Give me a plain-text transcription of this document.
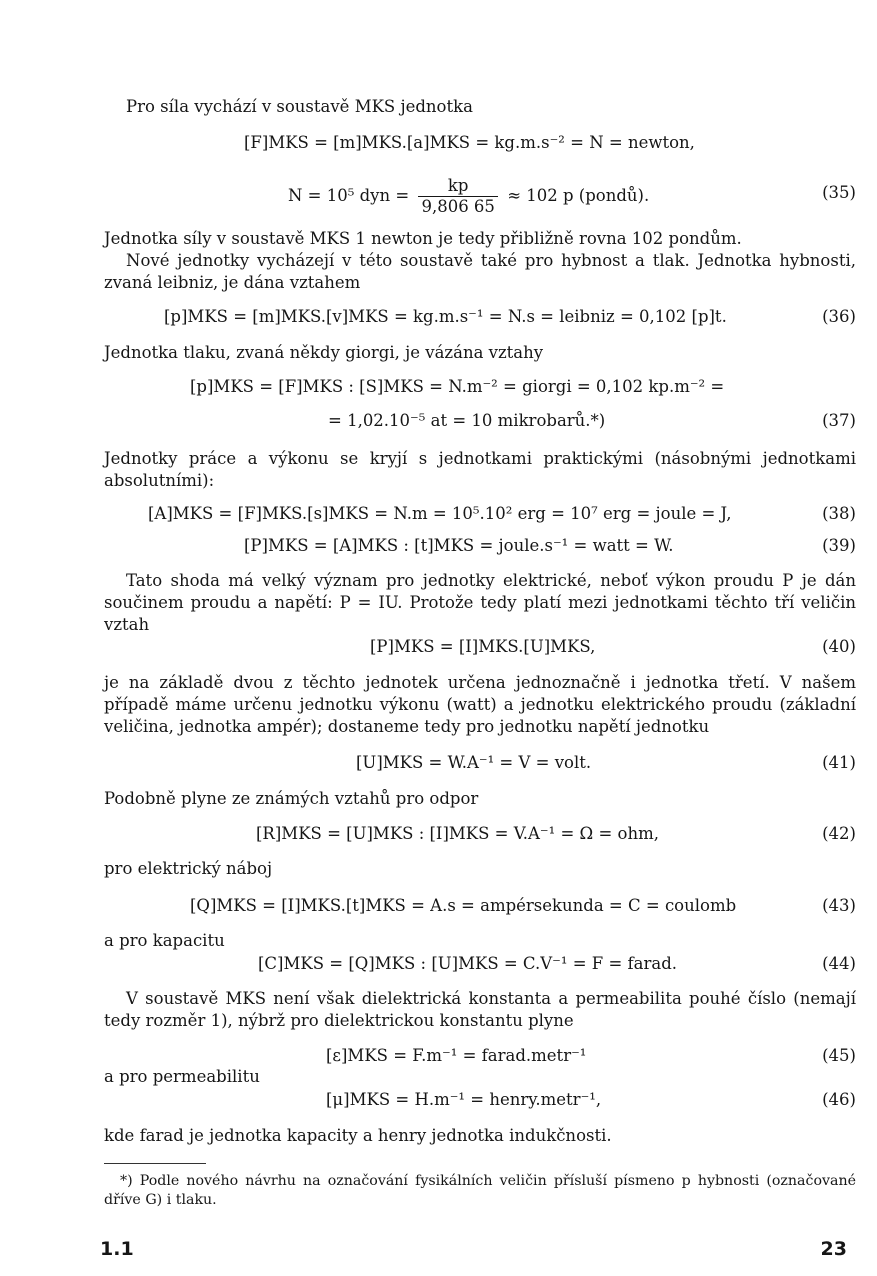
Pro síla vychází v soustavě MKS jednotka

[F]MKS = [m]MKS.[a]MKS = kg.m.s⁻² = N = newton,
N = 10⁵ dyn = $\frac{kp}{9,806 65} \approx 102$ p (pondů).	(35)

Jednotka síly v soustavě MKS 1 newton je tedy přibližně rovna 102 pondům.

Nové jednotky vycházejí v této soustavě také pro hybnost a tlak. Jednotka hybnosti, zvaná leibniz, je dána vztahem

[p]MKS = [m]MKS.[v]MKS = kg.m.s⁻¹ = N.s = leibniz = 0,102 [p]t.	(36)

Jednotka tlaku, zvaná někdy giorgi, je vázána vztahy

[p]MKS = [F]MKS : [S]MKS = N.m⁻² = giorgi = 0,102 kp.m⁻² =
= 1,02.10⁻⁵ at = 10 mikrobarů.*)	(37)

Jednotky práce a výkonu se kryjí s jednotkami praktickými (násobnými jednotkami absolutními):

[A]MKS = [F]MKS.[s]MKS = N.m = 10⁵.10² erg = 10⁷ erg = joule = J,	(38)
[P]MKS = [A]MKS : [t]MKS = joule.s⁻¹ = watt = W.	(39)

Tato shoda má velký význam pro jednotky elektrické, neboť výkon proudu P je dán součinem proudu a napětí: P = IU. Protože tedy platí mezi jednotkami těchto tří veličin vztah

[P]MKS = [I]MKS.[U]MKS,	(40)

je na základě dvou z těchto jednotek určena jednoznačně i jednotka třetí. V našem případě máme určenu jednotku výkonu (watt) a jednotku elektrického proudu (základní veličina, jednotka ampér); dostaneme tedy pro jednotku napětí jednotku

[U]MKS = W.A⁻¹ = V = volt.	(41)

Podobně plyne ze známých vztahů pro odpor

[R]MKS = [U]MKS : [I]MKS = V.A⁻¹ = Ω = ohm,	(42)

pro elektrický náboj

[Q]MKS = [I]MKS.[t]MKS = A.s = ampérsekunda = C = coulomb	(43)

a pro kapacitu

[C]MKS = [Q]MKS : [U]MKS = C.V⁻¹ = F = farad.	(44)

V soustavě MKS není však dielektrická konstanta a permeabilita pouhé číslo (nemají tedy rozměr 1), nýbrž pro dielektrickou konstantu plyne

[ε]MKS = F.m⁻¹ = farad.metr⁻¹	(45)

a pro permeabilitu

[μ]MKS = H.m⁻¹ = henry.metr⁻¹,	(46)

kde farad je jednotka kapacity a henry jednotka indukčnosti.

*) Podle nového návrhu na označování fysikálních veličin přísluší písmeno p hybnosti (označované dříve G) i tlaku.

1.1	23
